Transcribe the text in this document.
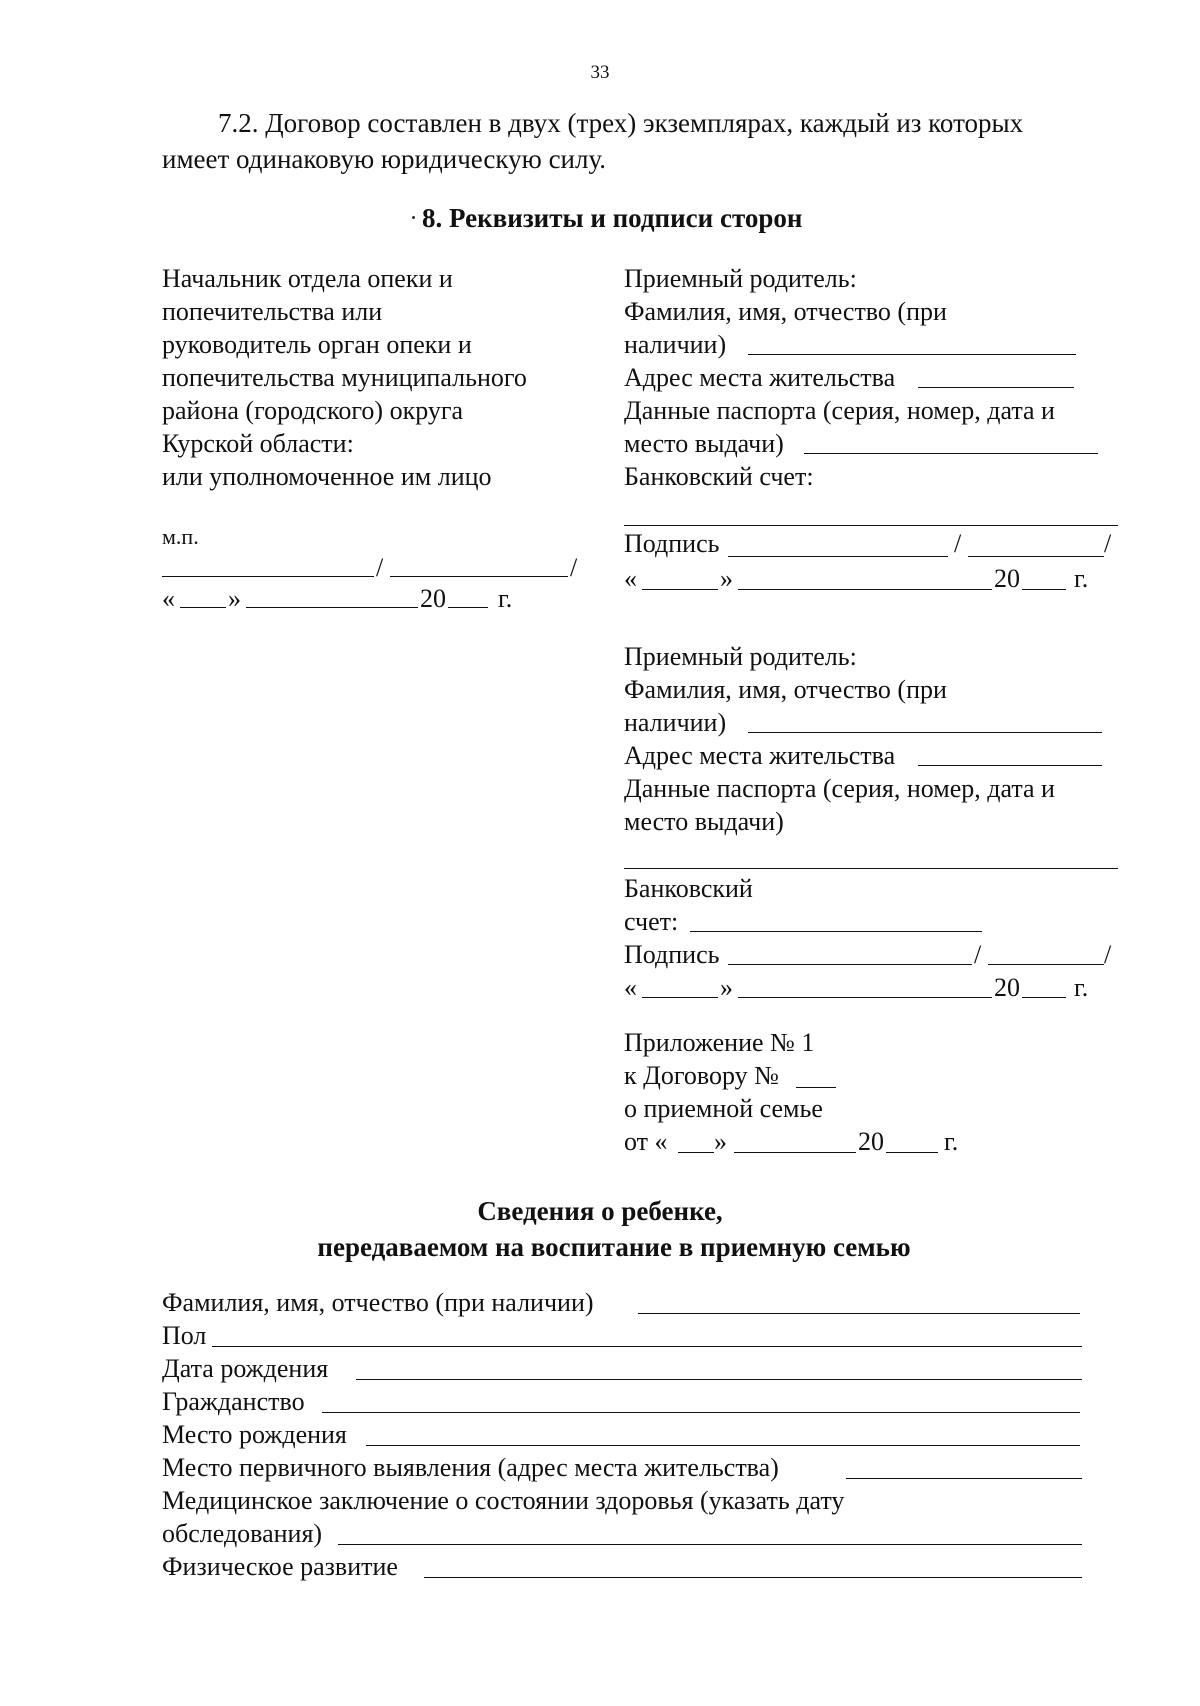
33
7.2. Договор составлен в двух (трех) экземплярах, каждый из которых
имеет одинаковую юридическую силу.
8. Реквизиты и подписи сторон
Начальник отдела опеки и
попечительства или
руководитель орган опеки и
попечительства муниципального
района (городского) округа
Курской области:
или уполномоченное им лицо
м.п.
/	/
« »	20 г.
Приемный родитель:
Фамилия, имя, отчество (при
наличии)
Адрес места жительства
Данные паспорта (серия, номер, дата и
место выдачи)
Банковский счет:
Подпись	/	/
«	»	20 г.
Приемный родитель:
Фамилия, имя, отчество (при
наличии)
Адрес места жительства
Данные паспорта (серия, номер, дата и
место выдачи)
Банковский
счет:
Подпись	/	/
«	»	20 г.
Приложение № 1
к Договору №
о приемной семье
от « »	20 г.
Сведения о ребенке,
передаваемом на воспитание в приемную семью
Фамилия, имя, отчество (при наличии)
Пол
Дата рождения
Гражданство
Место рождения
Место первичного выявления (адрес места жительства)
Медицинское заключение о состоянии здоровья (указать дату
обследования)
Физическое развитие
